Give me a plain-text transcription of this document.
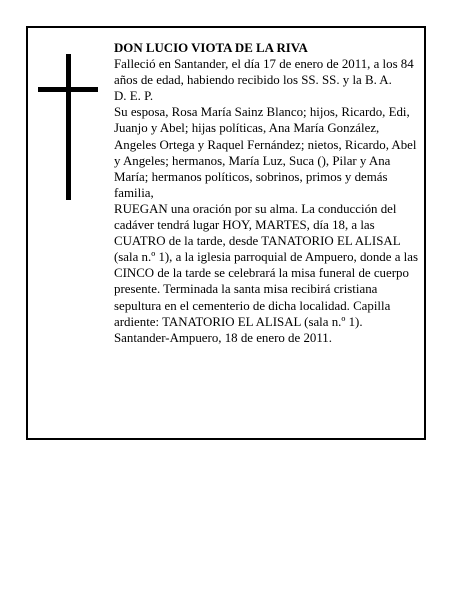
DON LUCIO VIOTA DE LA RIVA

Falleció en Santander, el día 17 de enero de 2011, a los 84 años de edad, habiendo recibido los SS. SS. y la B. A.

D. E. P.

Su esposa, Rosa María Sainz Blanco; hijos, Ricardo, Edi, Juanjo y Abel; hijas políticas, Ana María González, Angeles Ortega y Raquel Fernández; nietos, Ricardo, Abel y Angeles; hermanos, María Luz, Suca (), Pilar y Ana María; hermanos políticos, sobrinos, primos y demás familia,

RUEGAN una oración por su alma. La conducción del cadáver tendrá lugar HOY, MARTES, día 18, a las CUATRO de la tarde, desde TANATORIO EL ALISAL (sala n.º 1), a la iglesia parroquial de Ampuero, donde a las CINCO de la tarde se celebrará la misa funeral de cuerpo presente. Terminada la santa misa recibirá cristiana sepultura en el cementerio de dicha localidad. Capilla ardiente: TANATORIO EL ALISAL (sala n.º 1).

Santander-Ampuero, 18 de enero de 2011.
